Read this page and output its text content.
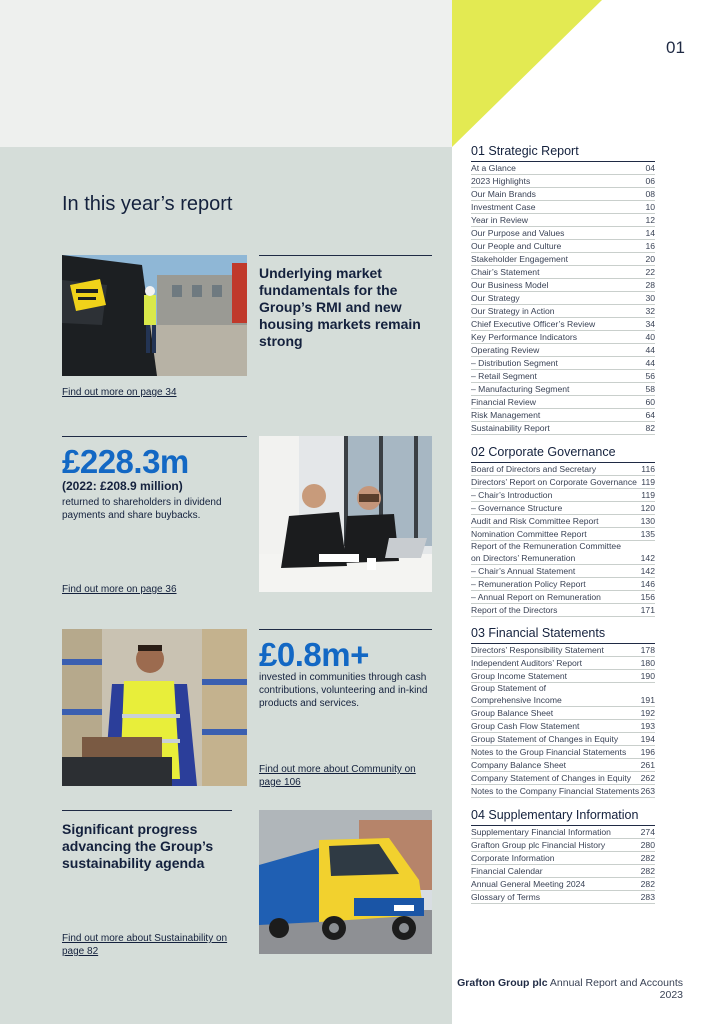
01
In this year’s report
Underlying market fundamentals for the Group’s RMI and new housing markets remain strong
Find out more on page 34
£228.3m
(2022: £208.9 million)
returned to shareholders in dividend payments and share buybacks.
Find out more on page 36
£0.8m+
invested in communities through cash contributions, volunteering and in-kind products and services.
Find out more about Community on page 106
Significant progress advancing the Group’s sustainability agenda
Find out more about Sustainability on page 82
01 Strategic Report
At a Glance	04
2023 Highlights	06
Our Main Brands	08
Investment Case	10
Year in Review	12
Our Purpose and Values	14
Our People and Culture	16
Stakeholder Engagement	20
Chair’s Statement	22
Our Business Model	28
Our Strategy	30
Our Strategy in Action	32
Chief Executive Officer’s Review	34
Key Performance Indicators	40
Operating Review	44
– Distribution Segment	44
– Retail Segment	56
– Manufacturing Segment	58
Financial Review	60
Risk Management	64
Sustainability Report	82
02 Corporate Governance
Board of Directors and Secretary	116
Directors’ Report on Corporate Governance 119
– Chair’s Introduction	119
– Governance Structure	120
Audit and Risk Committee Report	130
Nomination Committee Report	135
Report of the Remuneration Committee
on Directors’ Remuneration	142
– Chair’s Annual Statement	142
– Remuneration Policy Report	146
– Annual Report on Remuneration	156
Report of the Directors	171
03 Financial Statements
Directors’ Responsibility Statement	178
Independent Auditors’ Report	180
Group Income Statement	190
Group Statement of
Comprehensive Income	191
Group Balance Sheet	192
Group Cash Flow Statement	193
Group Statement of Changes in Equity	194
Notes to the Group Financial Statements	196
Company Balance Sheet	261
Company Statement of Changes in Equity	262
Notes to the Company Financial Statements 263
04 Supplementary Information
Supplementary Financial Information	274
Grafton Group plc Financial History	280
Corporate Information	282
Financial Calendar	282
Annual General Meeting 2024	282
Glossary of Terms	283
Grafton Group plc Annual Report and Accounts 2023
